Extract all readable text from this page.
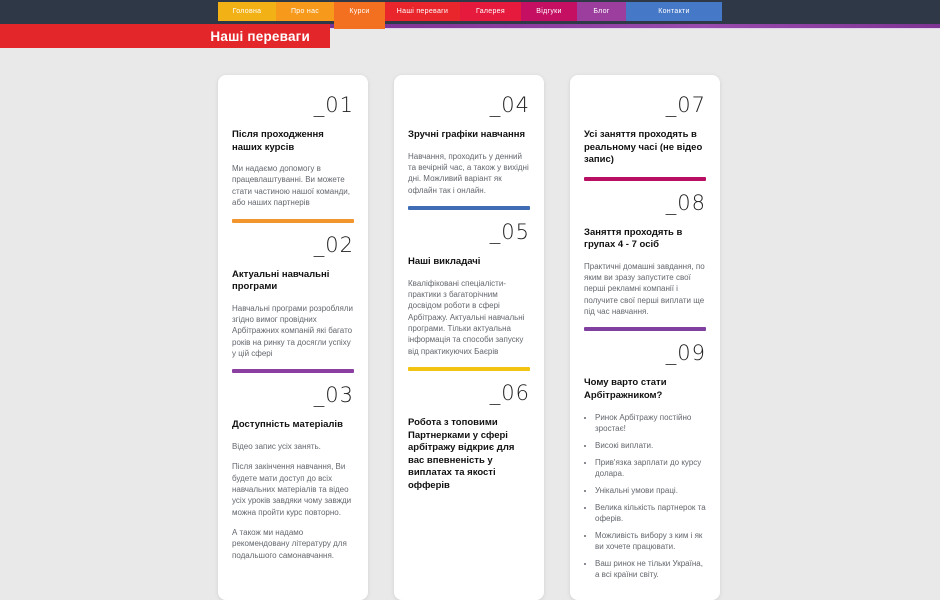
Головна	Про нас	Курси	Наші переваги	Галерея	Відгуки	Блог	Контакти
Наші переваги
_01
Після проходження наших курсів

Ми надаємо допомогу в працевлаштуванні. Ви можете стати частиною нашої команди, або наших партнерів

_02
Актуальні навчальні програми

Навчальні програми розробляли згідно вимог провідних Арбітражних компаній які багато років на ринку та досягли успіху у цій сфері

_03
Доступність матеріалів

Відео запис усіх занять.

Після закінчення навчання, Ви будете мати доступ до всіх навчальних матеріалів та відео усіх уроків завдяки чому завжди можна пройти курс повторно.

А також ми надамо рекомендовану літературу для подальшого самонавчання.

_04
Зручні графіки навчання

Навчання, проходить у денний та вечірній час, а також у вихідні дні. Можливий варіант як офлайн так і онлайн.

_05
Наші викладачі

Кваліфіковані спеціалісти-практики з багаторічним досвідом роботи в сфері Арбітражу. Актуальні навчальні програми. Тільки актуальна інформація та способи запуску від практикуючих Баєрів

_06
Робота з топовими Партнерками у сфері арбітражу відкриє для вас впевненість у виплатах та якості офферів
_07
Усі заняття проходять в реальному часі (не відео запис)
_08
Заняття проходять в групах 4 - 7 осіб

Практичні домашні завдання, по яким ви зразу запустите свої перші рекламні компанії і получите свої перші виплати ще під час навчання.

_09
Чому варто стати Арбітражником?
• Ринок Арбітражу постійно зростає!
• Високі виплати.
• Прив'язка зарплати до курсу долара.
• Унікальні умови праці.
• Велика кількість партнерок та оферів.
• Можливість вибору з ким і як ви хочете працювати.
• Ваш ринок не тільки Україна, а всі країни світу.
